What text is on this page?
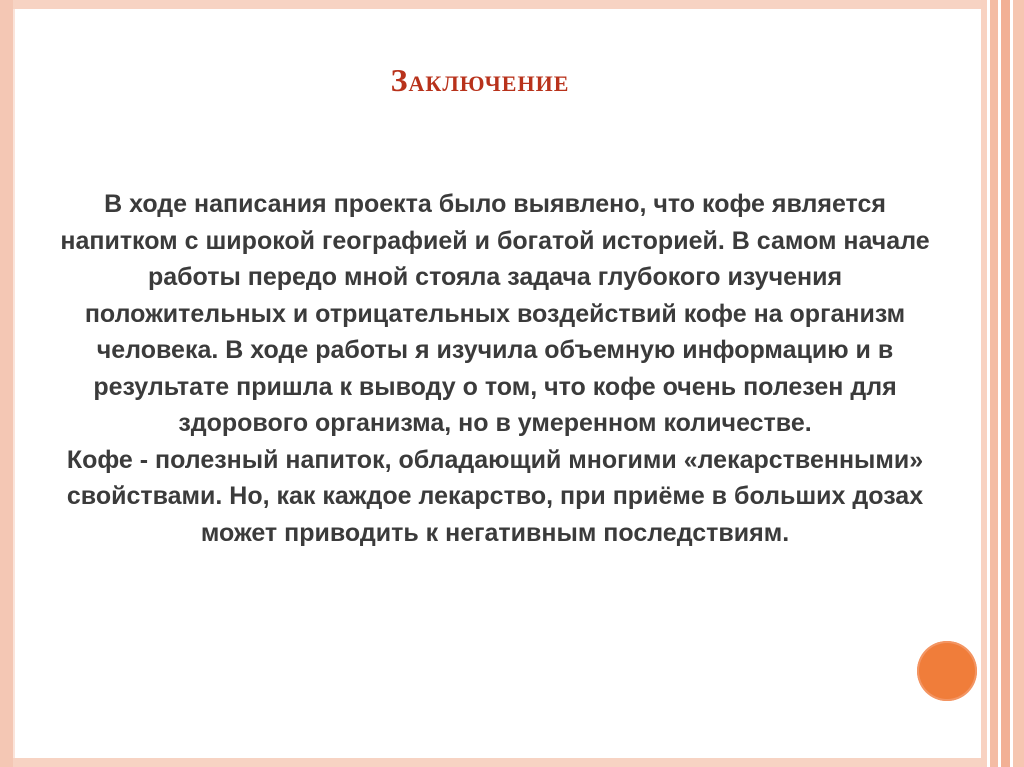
Заключение

В ходе написания проекта было выявлено, что кофе является напитком с широкой географией и богатой историей. В самом начале работы передо мной стояла задача глубокого изучения положительных и отрицательных воздействий кофе на организм человека. В ходе работы я изучила объемную информацию и в результате пришла к выводу о том, что кофе очень полезен для здорового организма, но в умеренном количестве.

Кофе - полезный напиток, обладающий многими «лекарственными» свойствами. Но, как каждое лекарство, при приёме в больших дозах может приводить к негативным последствиям.
